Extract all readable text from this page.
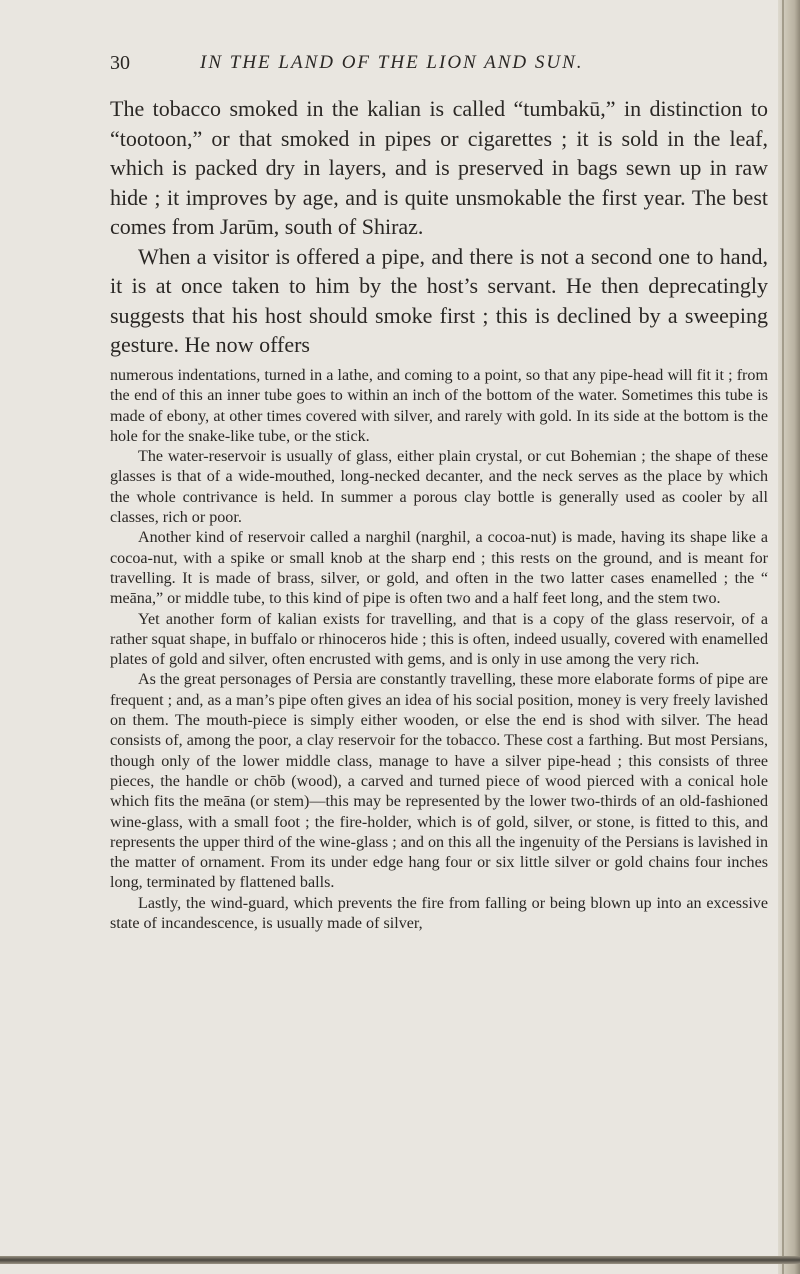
30	IN THE LAND OF THE LION AND SUN.

The tobacco smoked in the kalian is called “tumbakū,” in distinction to “tootoon,” or that smoked in pipes or cigarettes ; it is sold in the leaf, which is packed dry in layers, and is preserved in bags sewn up in raw hide ; it improves by age, and is quite unsmokable the first year. The best comes from Jarūm, south of Shiraz.

When a visitor is offered a pipe, and there is not a second one to hand, it is at once taken to him by the host’s servant. He then deprecatingly suggests that his host should smoke first ; this is declined by a sweeping gesture. He now offers

numerous indentations, turned in a lathe, and coming to a point, so that any pipe-head will fit it ; from the end of this an inner tube goes to within an inch of the bottom of the water. Sometimes this tube is made of ebony, at other times covered with silver, and rarely with gold. In its side at the bottom is the hole for the snake-like tube, or the stick.

The water-reservoir is usually of glass, either plain crystal, or cut Bohemian ; the shape of these glasses is that of a wide-mouthed, long-necked decanter, and the neck serves as the place by which the whole contrivance is held. In summer a porous clay bottle is generally used as cooler by all classes, rich or poor.

Another kind of reservoir called a narghil (narghil, a cocoa-nut) is made, having its shape like a cocoa-nut, with a spike or small knob at the sharp end ; this rests on the ground, and is meant for travelling. It is made of brass, silver, or gold, and often in the two latter cases enamelled ; the “ meāna,” or middle tube, to this kind of pipe is often two and a half feet long, and the stem two.

Yet another form of kalian exists for travelling, and that is a copy of the glass reservoir, of a rather squat shape, in buffalo or rhinoceros hide ; this is often, indeed usually, covered with enamelled plates of gold and silver, often encrusted with gems, and is only in use among the very rich.

As the great personages of Persia are constantly travelling, these more elaborate forms of pipe are frequent ; and, as a man’s pipe often gives an idea of his social position, money is very freely lavished on them. The mouth-piece is simply either wooden, or else the end is shod with silver. The head consists of, among the poor, a clay reservoir for the tobacco. These cost a farthing. But most Persians, though only of the lower middle class, manage to have a silver pipe-head ; this consists of three pieces, the handle or chōb (wood), a carved and turned piece of wood pierced with a conical hole which fits the meāna (or stem)—this may be represented by the lower two-thirds of an old-fashioned wine-glass, with a small foot ; the fire-holder, which is of gold, silver, or stone, is fitted to this, and represents the upper third of the wine-glass ; and on this all the ingenuity of the Persians is lavished in the matter of ornament. From its under edge hang four or six little silver or gold chains four inches long, terminated by flattened balls.

Lastly, the wind-guard, which prevents the fire from falling or being blown up into an excessive state of incandescence, is usually made of silver,
